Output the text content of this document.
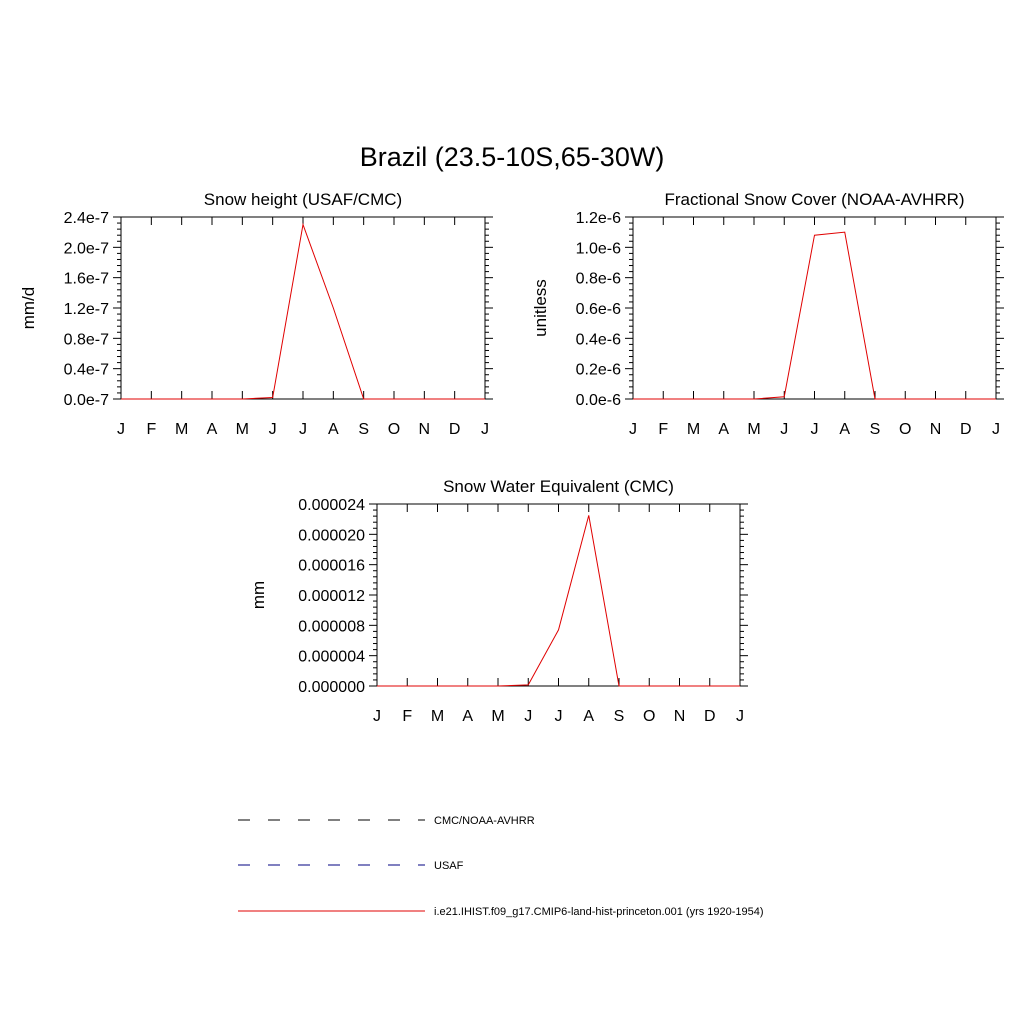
Brazil (23.5-10S,65-30W)
Snow height (USAF/CMC)
J F M A M J J A S O N D J
0.0e-7
0.4e-7
0.8e-7
1.2e-7
1.6e-7
2.0e-7
2.4e-7
mm/d
Fractional Snow Cover (NOAA-AVHRR)
J F M A M J J A S O N D J
0.0e-6
0.2e-6
0.4e-6
0.6e-6
0.8e-6
1.0e-6
1.2e-6
unitless
Snow Water Equivalent (CMC)
J F M A M J J A S O N D J
0.000000
0.000004
0.000008
0.000012
0.000016
0.000020
0.000024
mm
CMC/NOAA-AVHRR
USAF
i.e21.IHIST.f09_g17.CMIP6-land-hist-princeton.001 (yrs 1920-1954)
